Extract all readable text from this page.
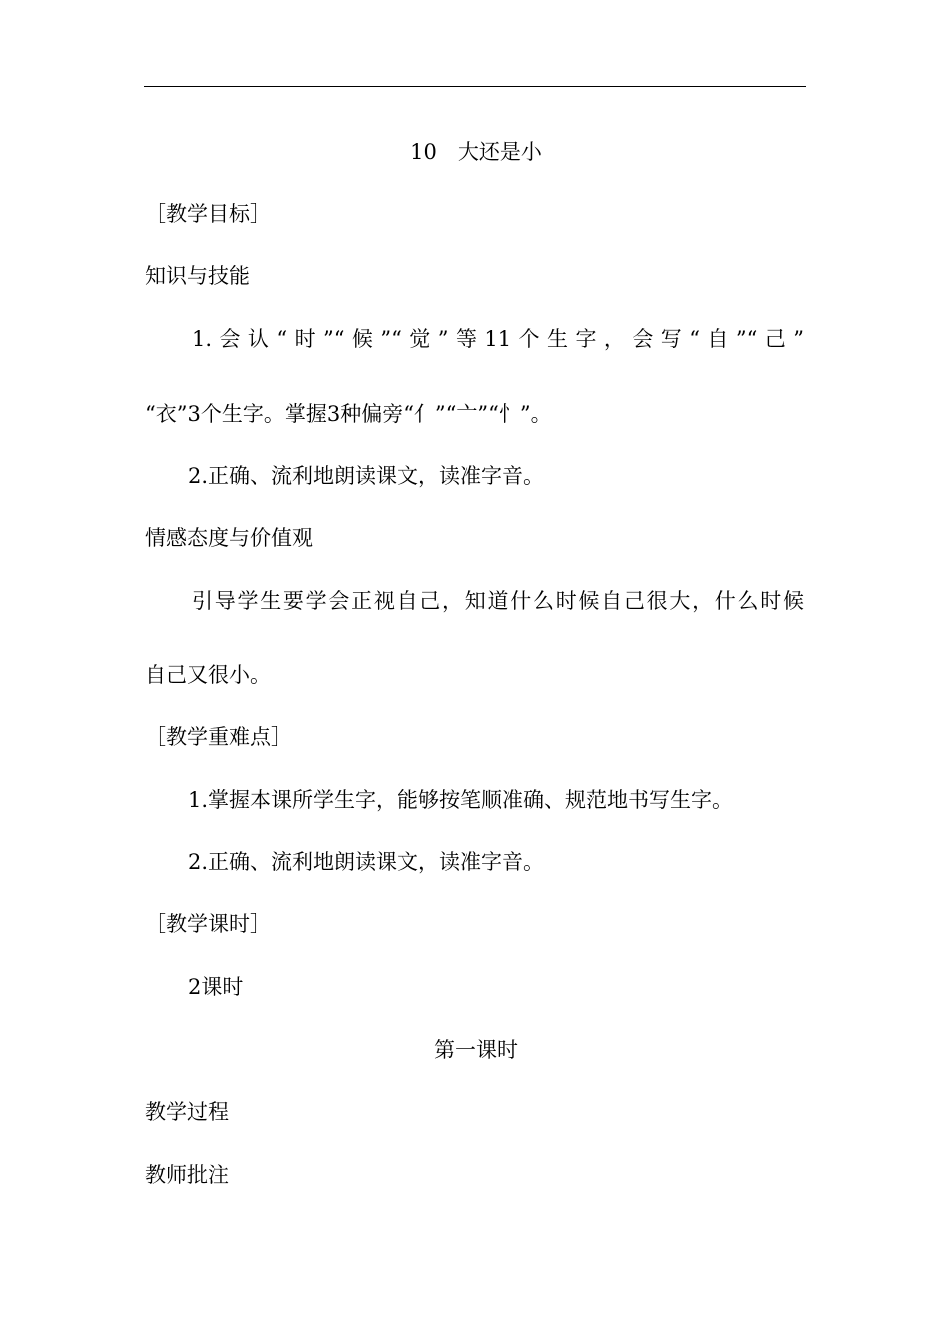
10　大还是小
［教学目标］
知识与技能
1.会认“时”“候”“觉”等11个生字，会写“自”“己”
“衣”3个生字。掌握3种偏旁“亻”“亠”“忄”。
2.正确、流利地朗读课文，读准字音。
情感态度与价值观
引导学生要学会正视自己，知道什么时候自己很大，什么时候
自己又很小。
［教学重难点］
1.掌握本课所学生字，能够按笔顺准确、规范地书写生字。
2.正确、流利地朗读课文，读准字音。
［教学课时］
2课时
第一课时
教学过程
教师批注
